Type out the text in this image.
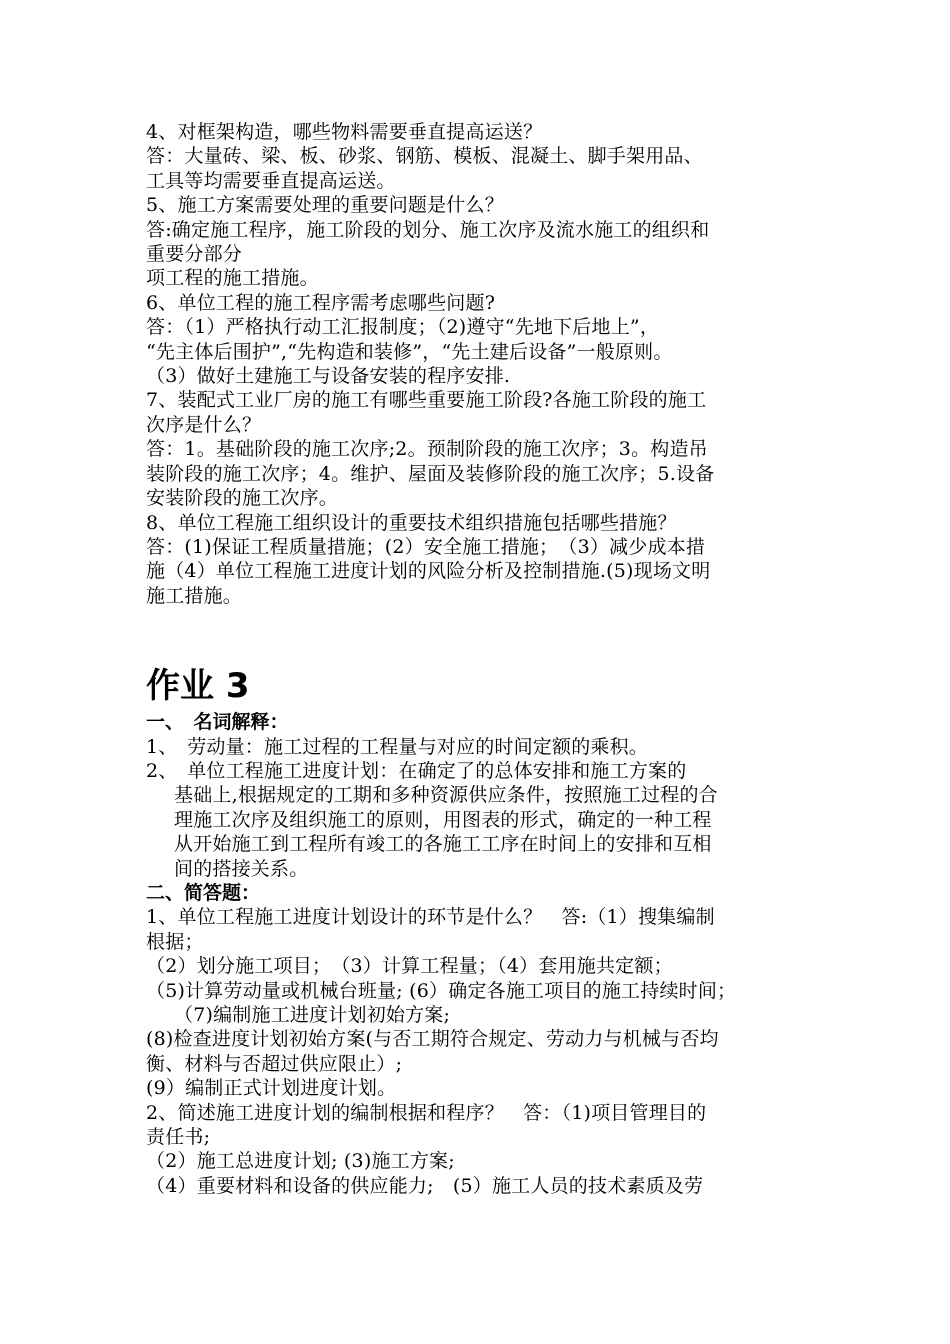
4、对框架构造，哪些物料需要垂直提高运送？
答：大量砖、梁、板、砂浆、钢筋、模板、混凝土、脚手架用品、
工具等均需要垂直提高运送。
5、施工方案需要处理的重要问题是什么？
答:确定施工程序，施工阶段的划分、施工次序及流水施工的组织和
重要分部分
项工程的施工措施。
6、单位工程的施工程序需考虑哪些问题?
答：（1）严格执行动工汇报制度；（2)遵守“先地下后地上”，
“先主体后围护”,“先构造和装修”，“先土建后设备”一般原则。
（3）做好土建施工与设备安装的程序安排.
7、装配式工业厂房的施工有哪些重要施工阶段?各施工阶段的施工
次序是什么？
答：1。基础阶段的施工次序;2。预制阶段的施工次序；3。构造吊
装阶段的施工次序；4。维护、屋面及装修阶段的施工次序；5.设备
安装阶段的施工次序。
8、单位工程施工组织设计的重要技术组织措施包括哪些措施？
答：(1)保证工程质量措施；(2）安全施工措施；　（3）减少成本措
施（4）单位工程施工进度计划的风险分析及控制措施.(5)现场文明
施工措施。
作业 3
一、　名词解释：
1、　劳动量：施工过程的工程量与对应的时间定额的乘积。
2、　单位工程施工进度计划：在确定了的总体安排和施工方案的
基础上,根据规定的工期和多种资源供应条件，按照施工过程的合
理施工次序及组织施工的原则，用图表的形式，确定的一种工程
从开始施工到工程所有竣工的各施工工序在时间上的安排和互相
间的搭接关系。
二、简答题：
1、单位工程施工进度计划设计的环节是什么？　答:（1）搜集编制
根据；
（2）划分施工项目；　（3）计算工程量；（4）套用施共定额；
（5)计算劳动量或机械台班量; (6）确定各施工项目的施工持续时间；
（7)编制施工进度计划初始方案;
(8)检查进度计划初始方案(与否工期符合规定、劳动力与机械与否均
衡、材料与否超过供应限止）;
(9）编制正式计划进度计划。
2、简述施工进度计划的编制根据和程序？　答：（1)项目管理目的
责任书;
（2）施工总进度计划; (3)施工方案;
（4）重要材料和设备的供应能力;　(5）施工人员的技术素质及劳
